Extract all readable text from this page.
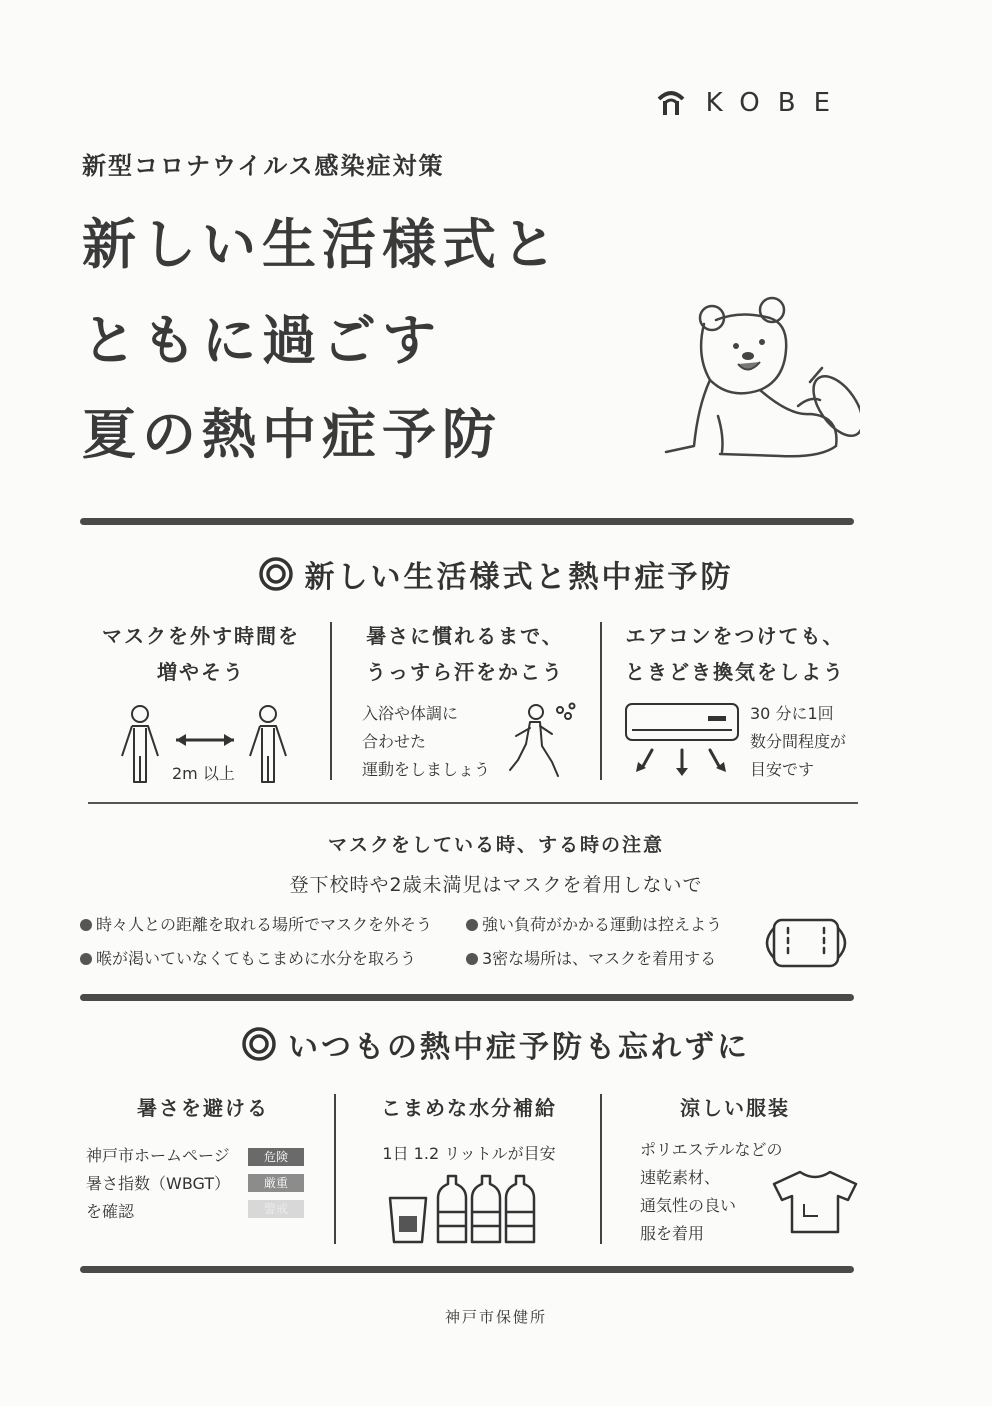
KOBE
新型コロナウイルス感染症対策
新しい生活様式と
ともに過ごす
夏の熱中症予防
新しい生活様式と熱中症予防
マスクを外す時間を
増やそう
2m 以上
暑さに慣れるまで、
うっすら汗をかこう
入浴や体調に
合わせた
運動をしましょう
エアコンをつけても、
ときどき換気をしよう
30 分に1回
数分間程度が
目安です
マスクをしている時、する時の注意
登下校時や2歳未満児はマスクを着用しないで
時々人との距離を取れる場所でマスクを外そう	強い負荷がかかる運動は控えよう
喉が渇いていなくてもこまめに水分を取ろう	3密な場所は、マスクを着用する
いつもの熱中症予防も忘れずに
暑さを避ける
神戸市ホームページ
暑さ指数（WBGT）
を確認
危険
厳重
警戒
こまめな水分補給
1日 1.2 リットルが目安
涼しい服装
ポリエステルなどの
速乾素材、
通気性の良い
服を着用
神戸市保健所
